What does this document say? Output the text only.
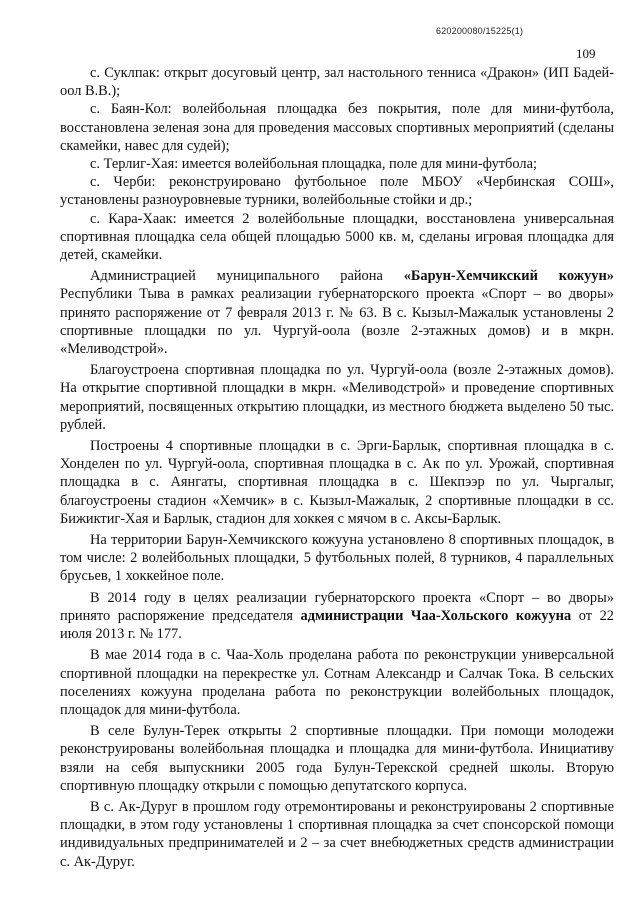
620200080/15225(1)
109

с. Суклпак: открыт досуговый центр, зал настольного тенниса «Дракон» (ИП Бадей-оол В.В.);

с. Баян-Кол: волейбольная площадка без покрытия, поле для мини-футбола, восстановлена зеленая зона для проведения массовых спортивных мероприятий (сделаны скамейки, навес для судей);

с. Терлиг-Хая: имеется волейбольная площадка, поле для мини-футбола;

с. Черби: реконструировано футбольное поле МБОУ «Чербинская СОШ», установлены разноуровневые турники, волейбольные стойки и др.;

с. Кара-Хаак: имеется 2 волейбольные площадки, восстановлена универсальная спортивная площадка села общей площадью 5000 кв. м, сделаны игровая площадка для детей, скамейки.

Администрацией муниципального района «Барун-Хемчикский кожуун» Республики Тыва в рамках реализации губернаторского проекта «Спорт – во дворы» принято распоряжение от 7 февраля 2013 г. № 63. В с. Кызыл-Мажалык установлены 2 спортивные площадки по ул. Чургуй-оола (возле 2-этажных домов) и в мкрн. «Меливодстрой».

Благоустроена спортивная площадка по ул. Чургуй-оола (возле 2-этажных домов). На открытие спортивной площадки в мкрн. «Меливодстрой» и проведение спортивных мероприятий, посвященных открытию площадки, из местного бюджета выделено 50 тыс. рублей.

Построены 4 спортивные площадки в с. Эрги-Барлык, спортивная площадка в с. Хонделен по ул. Чургуй-оола, спортивная площадка в с. Ак по ул. Урожай, спортивная площадка в с. Аянгаты, спортивная площадка в с. Шекпээр по ул. Чыргалыг, благоустроены стадион «Хемчик» в с. Кызыл-Мажалык, 2 спортивные площадки в сс. Бижиктиг-Хая и Барлык, стадион для хоккея с мячом в с. Аксы-Барлык.

На территории Барун-Хемчикского кожууна установлено 8 спортивных площадок, в том числе: 2 волейбольных площадки, 5 футбольных полей, 8 турников, 4 параллельных брусьев, 1 хоккейное поле.

В 2014 году в целях реализации губернаторского проекта «Спорт – во дворы» принято распоряжение председателя администрации Чаа-Хольского кожууна от 22 июля 2013 г. № 177.

В мае 2014 года в с. Чаа-Холь проделана работа по реконструкции универсальной спортивной площадки на перекрестке ул. Сотнам Александр и Салчак Тока. В сельских поселениях кожууна проделана работа по реконструкции волейбольных площадок, площадок для мини-футбола.

В селе Булун-Терек открыты 2 спортивные площадки. При помощи молодежи реконструированы волейбольная площадка и площадка для мини-футбола. Инициативу взяли на себя выпускники 2005 года Булун-Терекской средней школы. Вторую спортивную площадку открыли с помощью депутатского корпуса.

В с. Ак-Дуруг в прошлом году отремонтированы и реконструированы 2 спортивные площадки, в этом году установлены 1 спортивная площадка за счет спонсорской помощи индивидуальных предпринимателей и 2 – за счет внебюджетных средств администрации с. Ак-Дуруг.
